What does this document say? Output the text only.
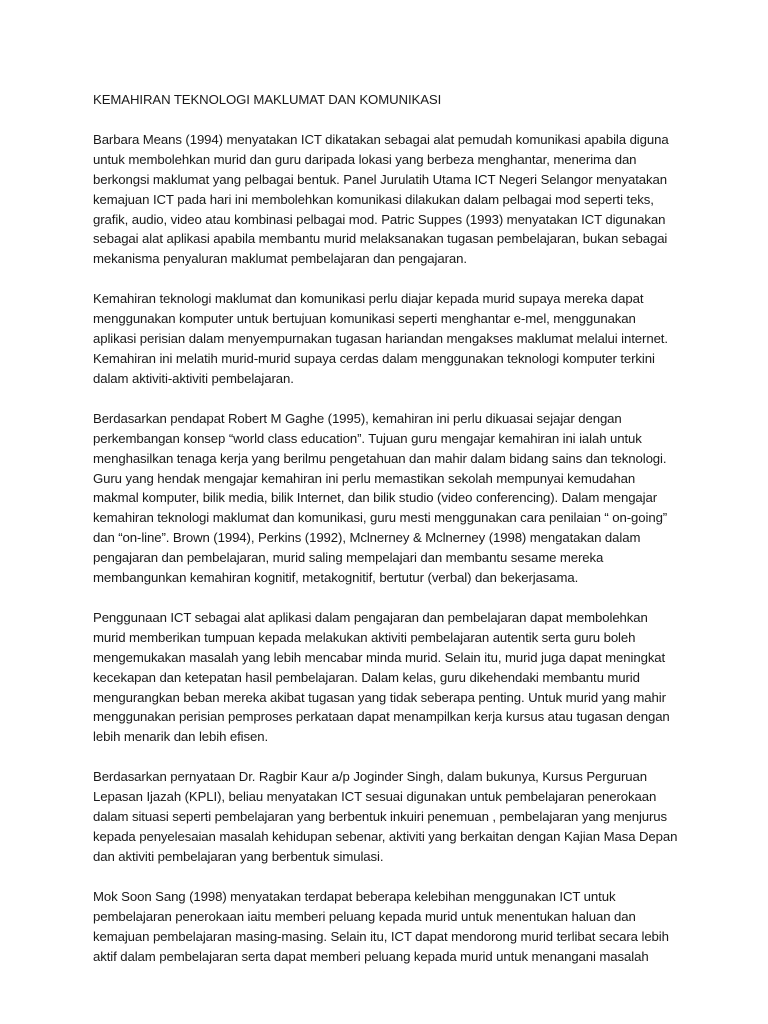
KEMAHIRAN TEKNOLOGI MAKLUMAT DAN KOMUNIKASI

Barbara Means (1994) menyatakan ICT dikatakan sebagai alat pemudah komunikasi apabila diguna
untuk membolehkan murid dan guru daripada lokasi yang berbeza menghantar, menerima dan
berkongsi maklumat yang pelbagai bentuk. Panel Jurulatih Utama ICT Negeri Selangor menyatakan
kemajuan ICT pada hari ini membolehkan komunikasi dilakukan dalam pelbagai mod seperti teks,
grafik, audio, video atau kombinasi pelbagai mod. Patric Suppes (1993) menyatakan ICT digunakan
sebagai alat aplikasi apabila membantu murid melaksanakan tugasan pembelajaran, bukan sebagai
mekanisma penyaluran maklumat pembelajaran dan pengajaran.

Kemahiran teknologi maklumat dan komunikasi perlu diajar kepada murid supaya mereka dapat
menggunakan komputer untuk bertujuan komunikasi seperti menghantar e-mel, menggunakan
aplikasi perisian dalam menyempurnakan tugasan hariandan mengakses maklumat melalui internet.
Kemahiran ini melatih murid-murid supaya cerdas dalam menggunakan teknologi komputer terkini
dalam aktiviti-aktiviti pembelajaran.

Berdasarkan pendapat Robert M Gaghe (1995), kemahiran ini perlu dikuasai sejajar dengan
perkembangan konsep “world class education”. Tujuan guru mengajar kemahiran ini ialah untuk
menghasilkan tenaga kerja yang berilmu pengetahuan dan mahir dalam bidang sains dan teknologi.
Guru yang hendak mengajar kemahiran ini perlu memastikan sekolah mempunyai kemudahan
makmal komputer, bilik media, bilik Internet, dan bilik studio (video conferencing). Dalam mengajar
kemahiran teknologi maklumat dan komunikasi, guru mesti menggunakan cara penilaian “ on-going”
dan “on-line”. Brown (1994), Perkins (1992), Mclnerney & Mclnerney (1998) mengatakan dalam
pengajaran dan pembelajaran, murid saling mempelajari dan membantu sesame mereka
membangunkan kemahiran kognitif, metakognitif, bertutur (verbal) dan bekerjasama.

Penggunaan ICT sebagai alat aplikasi dalam pengajaran dan pembelajaran dapat membolehkan
murid memberikan tumpuan kepada melakukan aktiviti pembelajaran autentik serta guru boleh
mengemukakan masalah yang lebih mencabar minda murid. Selain itu, murid juga dapat meningkat
kecekapan dan ketepatan hasil pembelajaran. Dalam kelas, guru dikehendaki membantu murid
mengurangkan beban mereka akibat tugasan yang tidak seberapa penting. Untuk murid yang mahir
menggunakan perisian pemproses perkataan dapat menampilkan kerja kursus atau tugasan dengan
lebih menarik dan lebih efisen.

Berdasarkan pernyataan Dr. Ragbir Kaur a/p Joginder Singh, dalam bukunya, Kursus Perguruan
Lepasan Ijazah (KPLI), beliau menyatakan ICT sesuai digunakan untuk pembelajaran penerokaan
dalam situasi seperti pembelajaran yang berbentuk inkuiri penemuan , pembelajaran yang menjurus
kepada penyelesaian masalah kehidupan sebenar, aktiviti yang berkaitan dengan Kajian Masa Depan
dan aktiviti pembelajaran yang berbentuk simulasi.

Mok Soon Sang (1998) menyatakan terdapat beberapa kelebihan menggunakan ICT untuk
pembelajaran penerokaan iaitu memberi peluang kepada murid untuk menentukan haluan dan
kemajuan pembelajaran masing-masing. Selain itu, ICT dapat mendorong murid terlibat secara lebih
aktif dalam pembelajaran serta dapat memberi peluang kepada murid untuk menangani masalah
